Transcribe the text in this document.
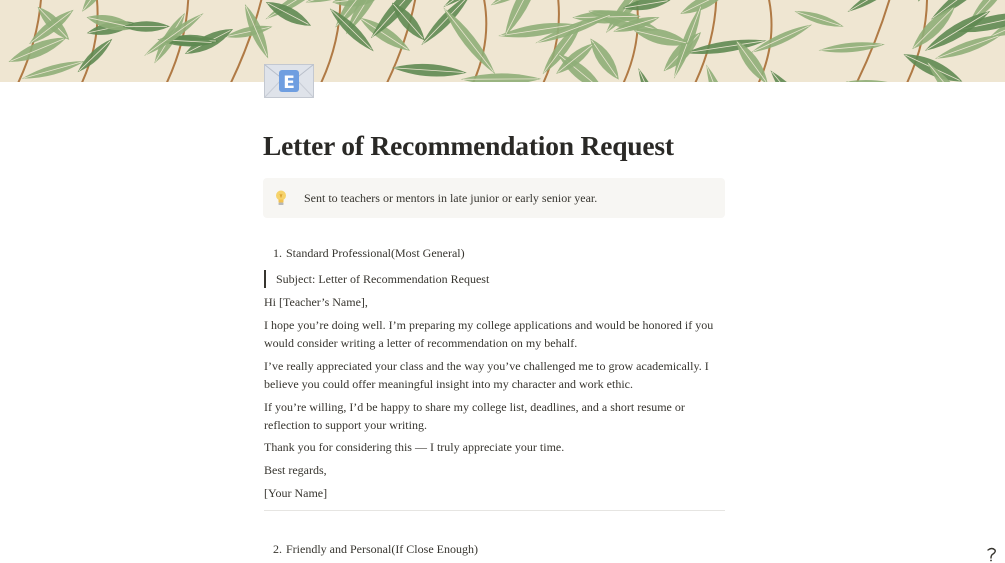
E
Letter of Recommendation Request
Sent to teachers or mentors in late junior or early senior year.
1. Standard Professional(Most General)
Subject: Letter of Recommendation Request

Hi [Teacher’s Name],

I hope you’re doing well. I’m preparing my college applications and would be honored if you would consider writing a letter of recommendation on my behalf.

I’ve really appreciated your class and the way you’ve challenged me to grow academically. I believe you could offer meaningful insight into my character and work ethic.

If you’re willing, I’d be happy to share my college list, deadlines, and a short resume or reflection to support your writing.

Thank you for considering this — I truly appreciate your time.

Best regards,

[Your Name]

2. Friendly and Personal(If Close Enough)
